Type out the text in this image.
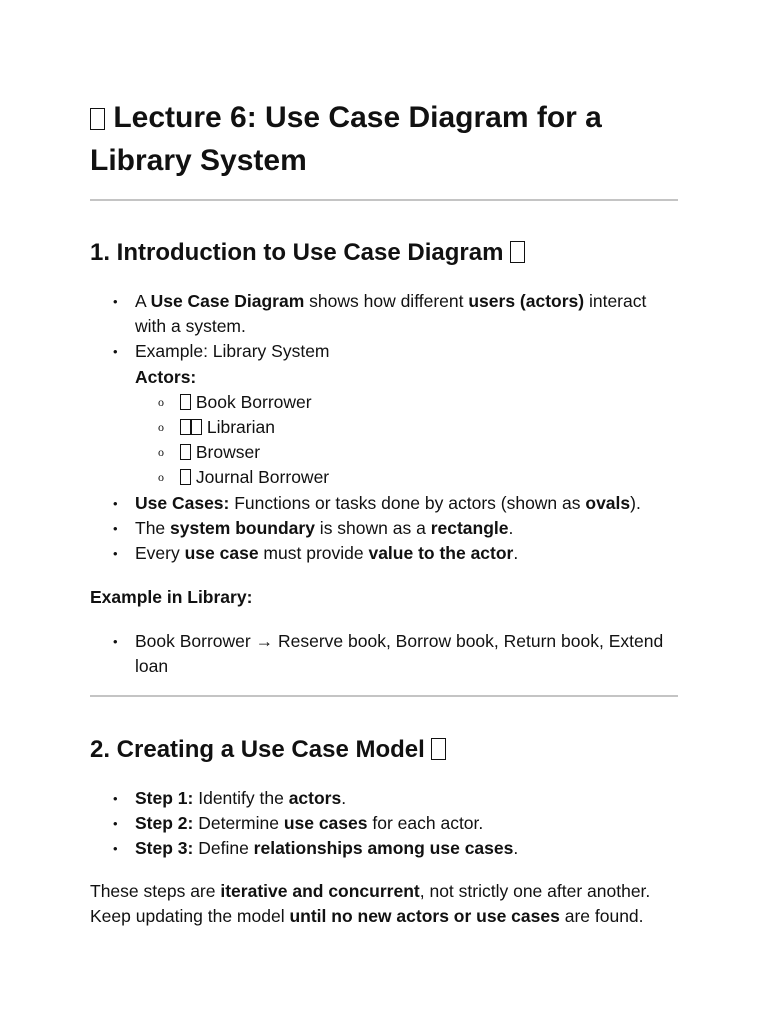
Lecture 6: Use Case Diagram for a Library System
1. Introduction to Use Case Diagram
• A Use Case Diagram shows how different users (actors) interact with a system.
• Example: Library System
Actors:
o Book Borrower
o Librarian
o Browser
o Journal Borrower
• Use Cases: Functions or tasks done by actors (shown as ovals).
• The system boundary is shown as a rectangle.
• Every use case must provide value to the actor.

Example in Library:

• Book Borrower → Reserve book, Borrow book, Return book, Extend loan
2. Creating a Use Case Model
• Step 1: Identify the actors.
• Step 2: Determine use cases for each actor.
• Step 3: Define relationships among use cases.

These steps are iterative and concurrent, not strictly one after another. Keep updating the model until no new actors or use cases are found.
